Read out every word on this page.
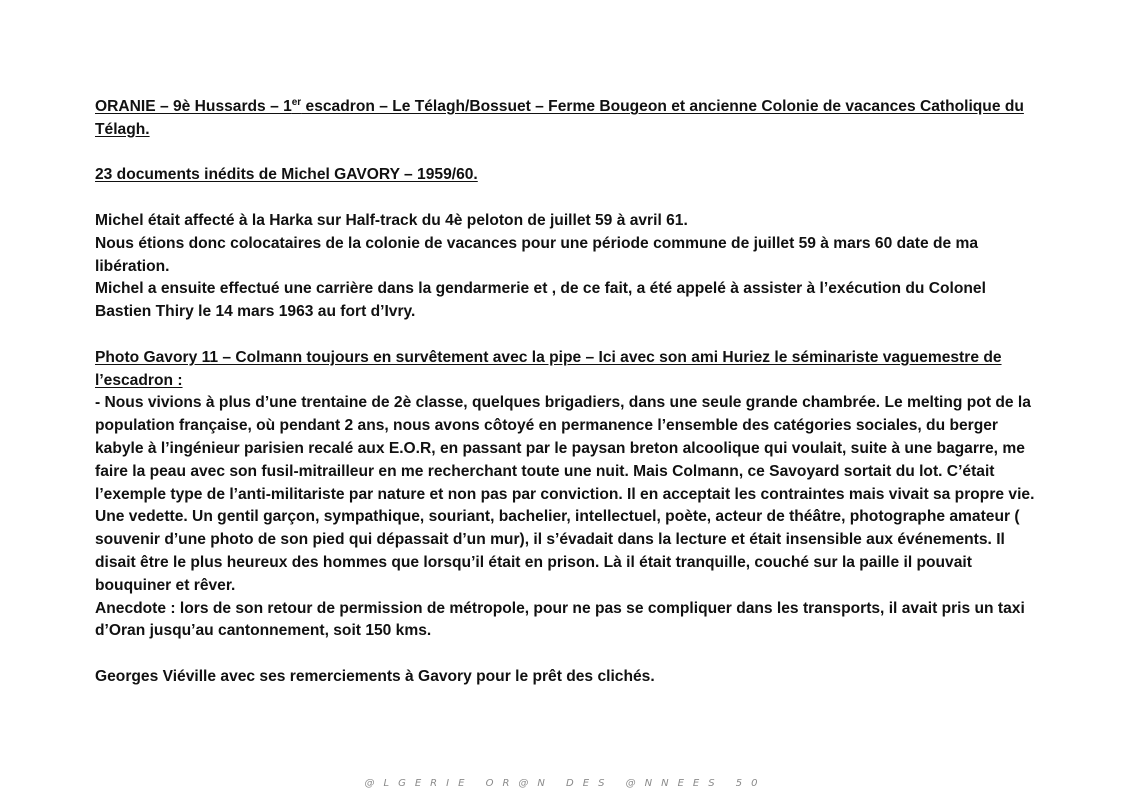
ORANIE – 9è Hussards – 1er escadron – Le Télagh/Bossuet – Ferme Bougeon et ancienne Colonie de vacances Catholique du Télagh.

23 documents inédits de Michel GAVORY – 1959/60.

Michel était affecté à la Harka sur Half-track du 4è peloton de juillet 59 à avril 61.

Nous étions donc colocataires de la colonie de vacances pour une période commune de juillet 59 à mars 60 date de ma libération.

Michel a ensuite effectué une carrière dans la gendarmerie et , de ce fait, a été appelé à assister à l’exécution du Colonel Bastien Thiry le 14 mars 1963 au fort d’Ivry.

Photo Gavory 11 – Colmann toujours en survêtement avec la pipe – Ici avec son ami Huriez le séminariste vaguemestre de l’escadron :

- Nous vivions à plus d’une trentaine de 2è classe, quelques brigadiers, dans une seule grande chambrée. Le melting pot de la population française, où pendant 2 ans, nous avons côtoyé en permanence l’ensemble des catégories sociales, du berger kabyle à l’ingénieur parisien recalé aux E.O.R, en passant par le paysan breton alcoolique qui voulait, suite à une bagarre, me faire la peau avec son fusil-mitrailleur en me recherchant toute une nuit. Mais Colmann, ce Savoyard sortait du lot. C’était l’exemple type de l’anti-militariste par nature et non pas par conviction. Il en acceptait les contraintes mais vivait sa propre vie. Une vedette. Un gentil garçon, sympathique, souriant, bachelier, intellectuel, poète, acteur de théâtre, photographe amateur ( souvenir d’une photo de son pied qui dépassait d’un mur), il s’évadait dans la lecture et était insensible aux événements. Il disait être le plus heureux des hommes que lorsqu’il était en prison. Là il était tranquille, couché sur la paille il pouvait bouquiner et rêver.

Anecdote : lors de son retour de permission de métropole, pour ne pas se compliquer dans les transports, il avait pris un taxi d’Oran jusqu’au cantonnement, soit 150 kms.

Georges Viéville avec ses remerciements à Gavory pour le prêt des clichés.

@LGERIE OR@N DES @NNEES 50
